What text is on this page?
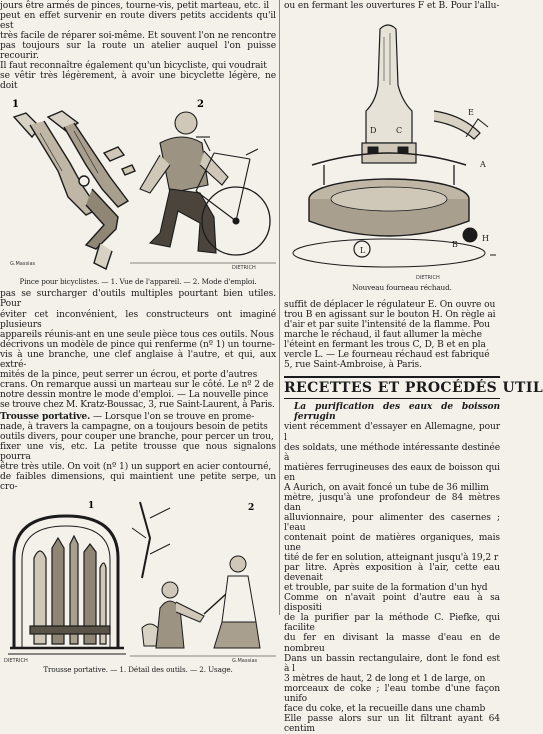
jours être armés de pinces, tourne-vis, petit marteau, etc. il

peut en effet survenir en route divers petits accidents qu'il est

très facile de réparer soi-même. Et souvent l'on ne rencontre

pas toujours sur la route un atelier auquel l'on puisse recourir.

Il faut reconnaître également qu'un bicycliste, qui voudrait

se vêtir très légèrement, à avoir une bicyclette légère, ne doit

1	2
G.Massias
DIETRICH

Pince pour bicyclistes. — 1. Vue de l'appareil. — 2. Mode d'emploi.

pas se surcharger d'outils multiples pourtant bien utiles. Pour

éviter cet inconvénient, les constructeurs ont imaginé plusieurs

appareils réunis-ant en une seule pièce tous ces outils. Nous

décrivons un modèle de pince qui renferme (nº 1) un tourne-

vis à une branche, une clef anglaise à l'autre, et qui, aux extré-

mités de la pince, peut serrer un écrou, et porte d'autres

crans. On remarque aussi un marteau sur le côté. Le nº 2 de

notre dessin montre le mode d'emploi. — La nouvelle pince

se trouve chez M. Kratz-Boussac, 3, rue Saint-Laurent, à Paris.

Trousse portative. — Lorsque l'on se trouve en prome-

nade, à travers la campagne, on a toujours besoin de petits

outils divers, pour couper une branche, pour percer un trou,

fixer une vis, etc. La petite trousse que nous signalons pourra

être très utile. On voit (nº 1) un support en acier contourné,

de faibles dimensions, qui maintient une petite serpe, un cro-

1	2
DIETRICH	G.Massias

Trousse portative. — 1. Détail des outils. — 2. Usage.

ou en fermant les ouvertures F et B. Pour l'allu-

D C
E
A
B
L
H
DIETRICH

Nouveau fourneau réchaud.

suffit de déplacer le régulateur E. On ouvre ou

trou B en agissant sur le bouton H. On règle ai

d'air et par suite l'intensité de la flamme. Pou

marche le réchaud, il faut allumer la mèche

l'éteint en fermant les trous C, D, B et en pla

vercle L. — Le fourneau réchaud est fabriqué

5, rue Saint-Ambroise, à Paris.

RECETTES ET PROCÉDÉS UTIL

La purification des eaux de boisson ferrugin

vient récemment d'essayer en Allemagne, pour l

des soldats, une méthode intéressante destinée à

matières ferrugineuses des eaux de boisson qui en

A Aurich, on avait foncé un tube de 36 millim

mètre, jusqu'à une profondeur de 84 mètres dan

alluvionnaire, pour alimenter des casernes ; l'eau

contenait point de matières organiques, mais une

tité de fer en solution, atteignant jusqu'à 19,2 r

par litre. Après exposition à l'air, cette eau devenait

et trouble, par suite de la formation d'un hyd

Comme on n'avait point d'autre eau à sa dispositi

de la purifier par la méthode C. Piefke, qui facilite

du fer en divisant la masse d'eau en de nombreu

Dans un bassin rectangulaire, dont le fond est à l

3 mètres de haut, 2 de long et 1 de large, on

morceaux de coke ; l'eau tombe d'une façon unifo

face du coke, et la recueille dans une chamb

Elle passe alors sur un lit filtrant ayant 64 centim
